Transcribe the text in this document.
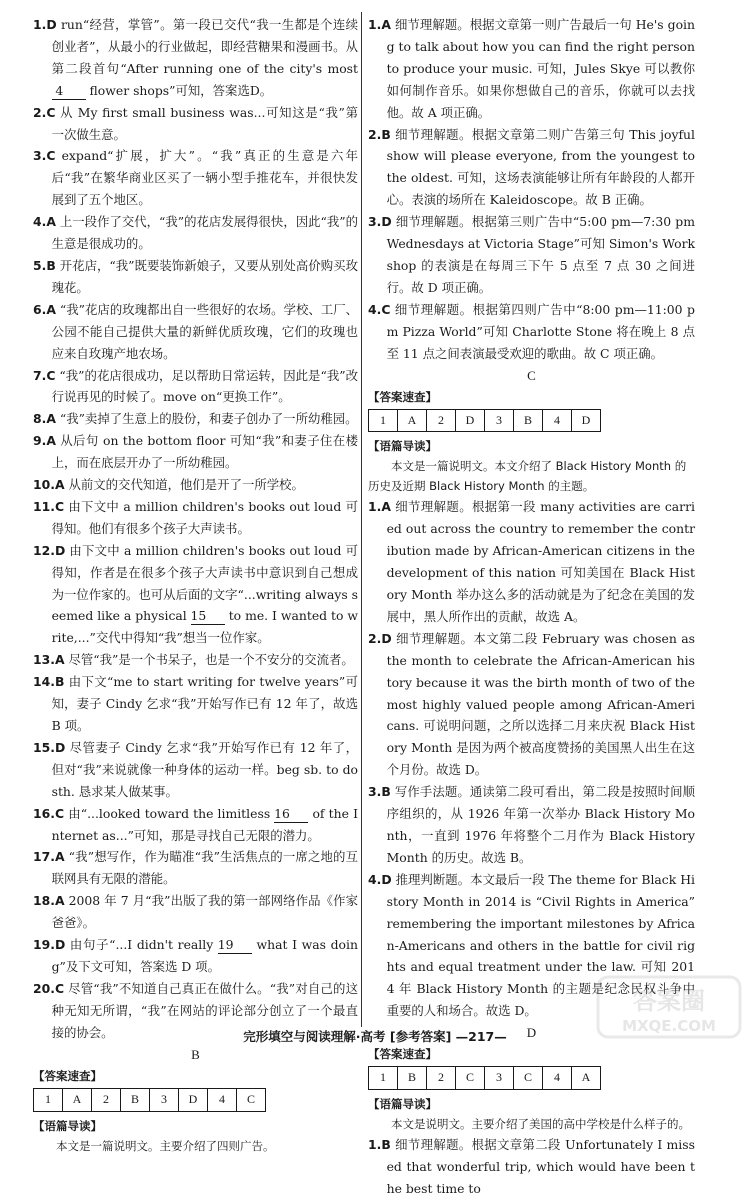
1.D run“经营，掌管”。第一段已交代“我一生都是个连续创业者”，从最小的行业做起，即经营糖果和漫画书。从第二段首句“After running one of the city's most 4 flower shops”可知，答案选D。

2.C 从 My first small business was...可知这是“我”第一次做生意。

3.C expand“扩展，扩大”。“我”真正的生意是六年后“我”在繁华商业区买了一辆小型手推花车，并很快发展到了五个地区。

4.A 上一段作了交代，“我”的花店发展得很快，因此“我”的生意是很成功的。

5.B 开花店，“我”既要装饰新娘子，又要从别处高价购买玫瑰花。

6.A “我”花店的玫瑰都出自一些很好的农场。学校、工厂、公园不能自己提供大量的新鲜优质玫瑰，它们的玫瑰也应来自玫瑰产地农场。

7.C “我”的花店很成功，足以帮助日常运转，因此是“我”改行说再见的时候了。move on“更换工作”。

8.A “我”卖掉了生意上的股份，和妻子创办了一所幼稚园。

9.A 从后句 on the bottom floor 可知“我”和妻子住在楼上，而在底层开办了一所幼稚园。

10.A 从前文的交代知道，他们是开了一所学校。

11.C 由下文中 a million children's books out loud 可得知。他们有很多个孩子大声读书。

12.D 由下文中 a million children's books out loud 可得知，作者是在很多个孩子大声读书中意识到自己想成为一位作家的。也可从后面的文字“...writing always seemed like a physical 15 to me. I wanted to write,...”交代中得知“我”想当一位作家。

13.A 尽管“我”是一个书呆子，也是一个不安分的交流者。

14.B 由下文“me to start writing for twelve years”可知，妻子 Cindy 乞求“我”开始写作已有 12 年了，故选 B 项。

15.D 尽管妻子 Cindy 乞求“我”开始写作已有 12 年了，但对“我”来说就像一种身体的运动一样。beg sb. to do sth. 恳求某人做某事。

16.C 由“...looked toward the limitless 16 of the Internet as...”可知，那是寻找自己无限的潜力。

17.A “我”想写作，作为瞄准“我”生活焦点的一席之地的互联网具有无限的潜能。

18.A 2008 年 7 月“我”出版了我的第一部网络作品《作家爸爸》。

19.D 由句子“...I didn't really 19 what I was doing”及下文可知，答案选 D 项。

20.C 尽管“我”不知道自己真正在做什么。“我”对自己的这种无知无所谓，“我”在网站的评论部分创立了一个最直接的协会。

B
【 答案速查 】
1	A	2	B	3	D	4	C
【 语篇导读 】

本文是一篇说明文。主要介绍了四则广告。

1.A 细节理解题。根据文章第一则广告最后一句 He's going to talk about how you can find the right person to produce your music. 可知，Jules Skye 可以教你如何制作音乐。如果你想做自己的音乐，你就可以去找他。故 A 项正确。

2.B 细节理解题。根据文章第二则广告第三句 This joyful show will please everyone, from the youngest to the oldest. 可知，这场表演能够让所有年龄段的人都开心。表演的场所在 Kaleidoscope。故 B 正确。

3.D 细节理解题。根据第三则广告中“5:00 pm—7:30 pm Wednesdays at Victoria Stage”可知 Simon's Workshop 的表演是在每周三下午 5 点至 7 点 30 之间进行。故 D 项正确。

4.C 细节理解题。根据第四则广告中“8:00 pm—11:00 pm Pizza World”可知 Charlotte Stone 将在晚上 8 点至 11 点之间表演最受欢迎的歌曲。故 C 项正确。

C
【 答案速查 】
1	A	2	D	3	B	4	D
【 语篇导读 】

本文是一篇说明文。本文介绍了 Black History Month 的历史及近期 Black History Month 的主题。

1.A 细节理解题。根据第一段 many activities are carried out across the country to remember the contribution made by African-American citizens in the development of this nation 可知美国在 Black History Month 举办这么多的活动就是为了纪念在美国的发展中，黑人所作出的贡献，故选 A。

2.D 细节理解题。本文第二段 February was chosen as the month to celebrate the African-American history because it was the birth month of two of the most highly valued people among African-Americans. 可说明问题，之所以选择二月来庆祝 Black History Month 是因为两个被高度赞扬的美国黑人出生在这个月份。故选 D。

3.B 写作手法题。通读第二段可看出，第二段是按照时间顺序组织的，从 1926 年第一次举办 Black History Month，一直到 1976 年将整个二月作为 Black History Month 的历史。故选 B。

4.D 推理判断题。本文最后一段 The theme for Black History Month in 2014 is “Civil Rights in America” remembering the important milestones by African-Americans and others in the battle for civil rights and equal treatment under the law. 可知 2014 年 Black History Month 的主题是纪念民权斗争中重要的人和场合。故选 D。

D
【 答案速查 】
1	B	2	C	3	C	4	A
【 语篇导读 】

本文是说明文。主要介绍了美国的高中学校是什么样子的。

1.B 细节理解题。根据文章第二段 Unfortunately I missed that wonderful trip, which would have been the best time to

完形填空与阅读理解·高考 [参考答案] —217—
答案圈
MXQE.COM
